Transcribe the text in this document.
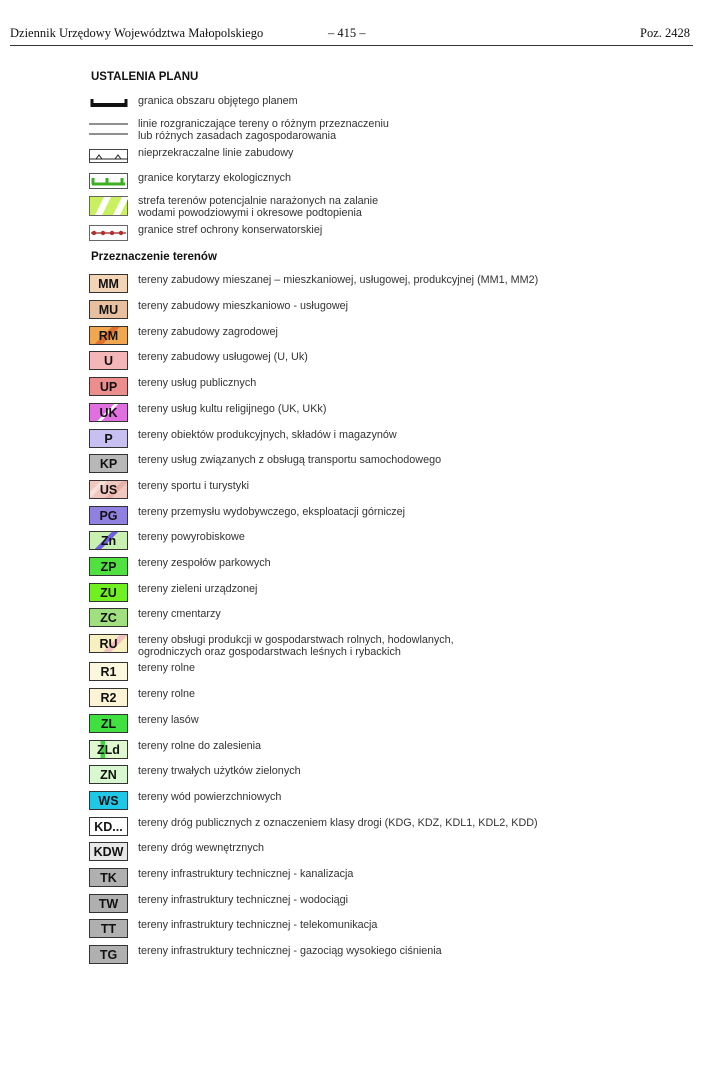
Dziennik Urzędowy Województwa Małopolskiego	– 415 –	Poz. 2428
USTALENIA PLANU
granica obszaru objętego planem
linie rozgraniczające tereny o różnym przeznaczeniu
lub różnych zasadach zagospodarowania
nieprzekraczalne linie zabudowy
granice korytarzy ekologicznych
strefa terenów potencjalnie narażonych na zalanie
wodami powodziowymi i okresowe podtopienia
granice stref ochrony konserwatorskiej
Przeznaczenie terenów
MM tereny zabudowy mieszanej – mieszkaniowej, usługowej, produkcyjnej (MM1, MM2)
MU tereny zabudowy mieszkaniowo - usługowej
RM tereny zabudowy zagrodowej
U tereny zabudowy usługowej (U, Uk)
UP tereny usług publicznych
UK tereny usług kultu religijnego (UK, UKk)
P tereny obiektów produkcyjnych, składów i magazynów
KP tereny usług związanych z obsługą transportu samochodowego
US tereny sportu i turystyki
PG tereny przemysłu wydobywczego, eksploatacji górniczej
Zn tereny powyrobiskowe
ZP tereny zespołów parkowych
ZU tereny zieleni urządzonej
ZC tereny cmentarzy
RU tereny obsługi produkcji w gospodarstwach rolnych, hodowlanych,
ogrodniczych oraz gospodarstwach leśnych i rybackich
R1 tereny rolne
R2 tereny rolne
ZL tereny lasów
ZLd tereny rolne do zalesienia
ZN tereny trwałych użytków zielonych
WS tereny wód powierzchniowych
KD... tereny dróg publicznych z oznaczeniem klasy drogi (KDG, KDZ, KDL1, KDL2, KDD)
KDW tereny dróg wewnętrznych
TK tereny infrastruktury technicznej - kanalizacja
TW tereny infrastruktury technicznej - wodociągi
TT tereny infrastruktury technicznej - telekomunikacja
TG tereny infrastruktury technicznej - gazociąg wysokiego ciśnienia
